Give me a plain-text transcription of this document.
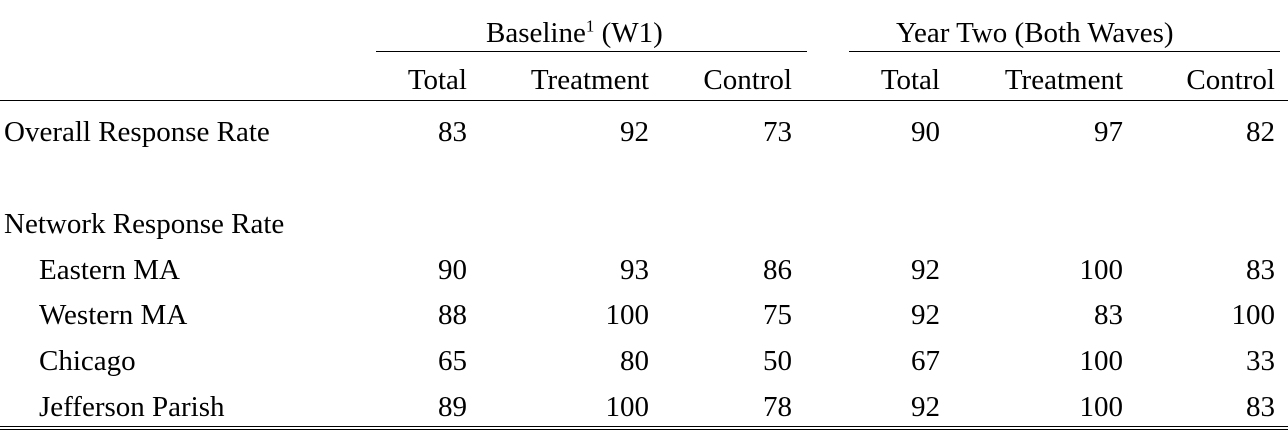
Baseline$^1$ (W1)	Year Two (Both Waves)
Total	Treatment	Control	Total	Treatment	Control
Overall Response Rate	83	92	73	90	97	82
Network Response Rate
Eastern MA	90	93	86	92	100	83
Western MA	88	100	75	92	83	100
Chicago	65	80	50	67	100	33
Jefferson Parish	89	100	78	92	100	83
